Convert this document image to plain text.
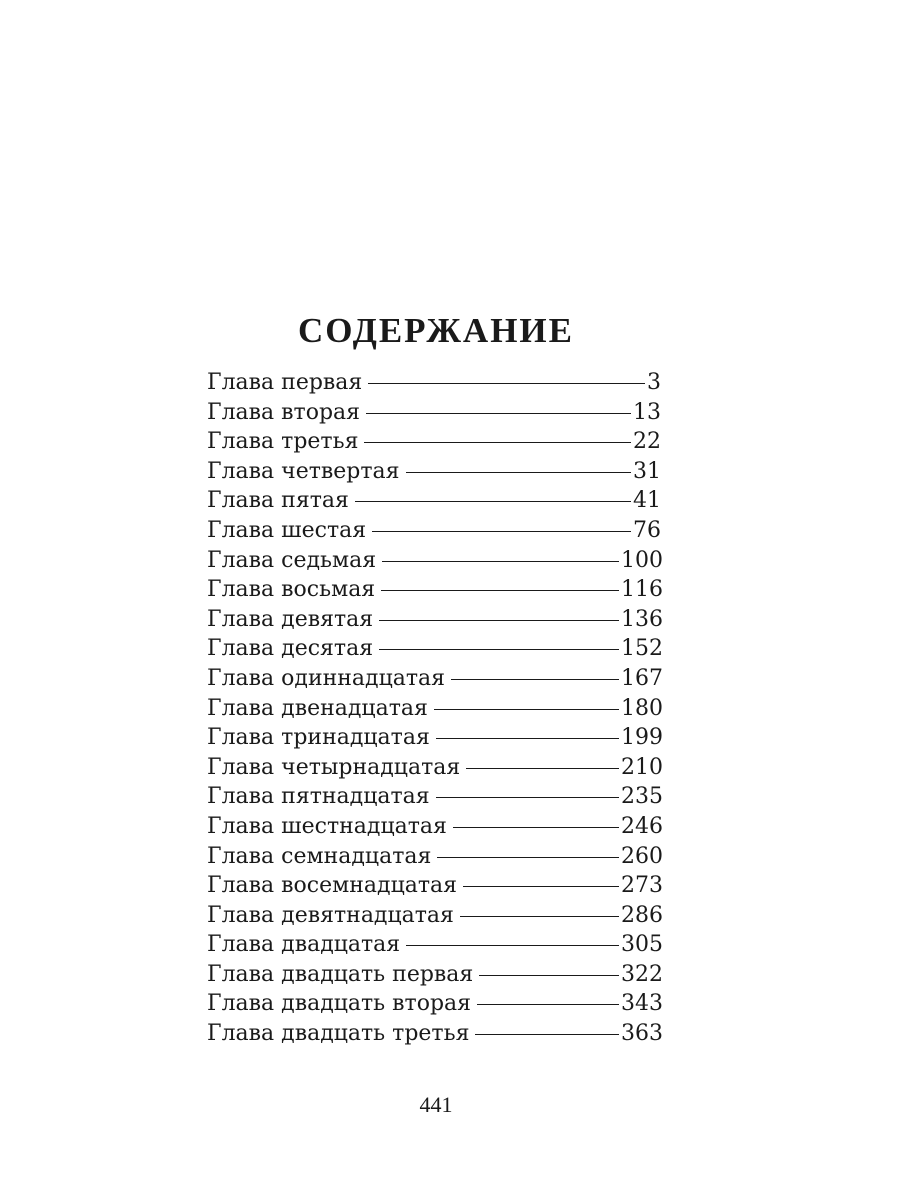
СОДЕРЖАНИЕ
Глава первая	3
Глава вторая	13
Глава третья	22
Глава четвертая	31
Глава пятая	41
Глава шестая	76
Глава седьмая	100
Глава восьмая	116
Глава девятая	136
Глава десятая	152
Глава одиннадцатая	167
Глава двенадцатая	180
Глава тринадцатая	199
Глава четырнадцатая	210
Глава пятнадцатая	235
Глава шестнадцатая	246
Глава семнадцатая	260
Глава восемнадцатая	273
Глава девятнадцатая	286
Глава двадцатая	305
Глава двадцать первая	322
Глава двадцать вторая	343
Глава двадцать третья	363
441
